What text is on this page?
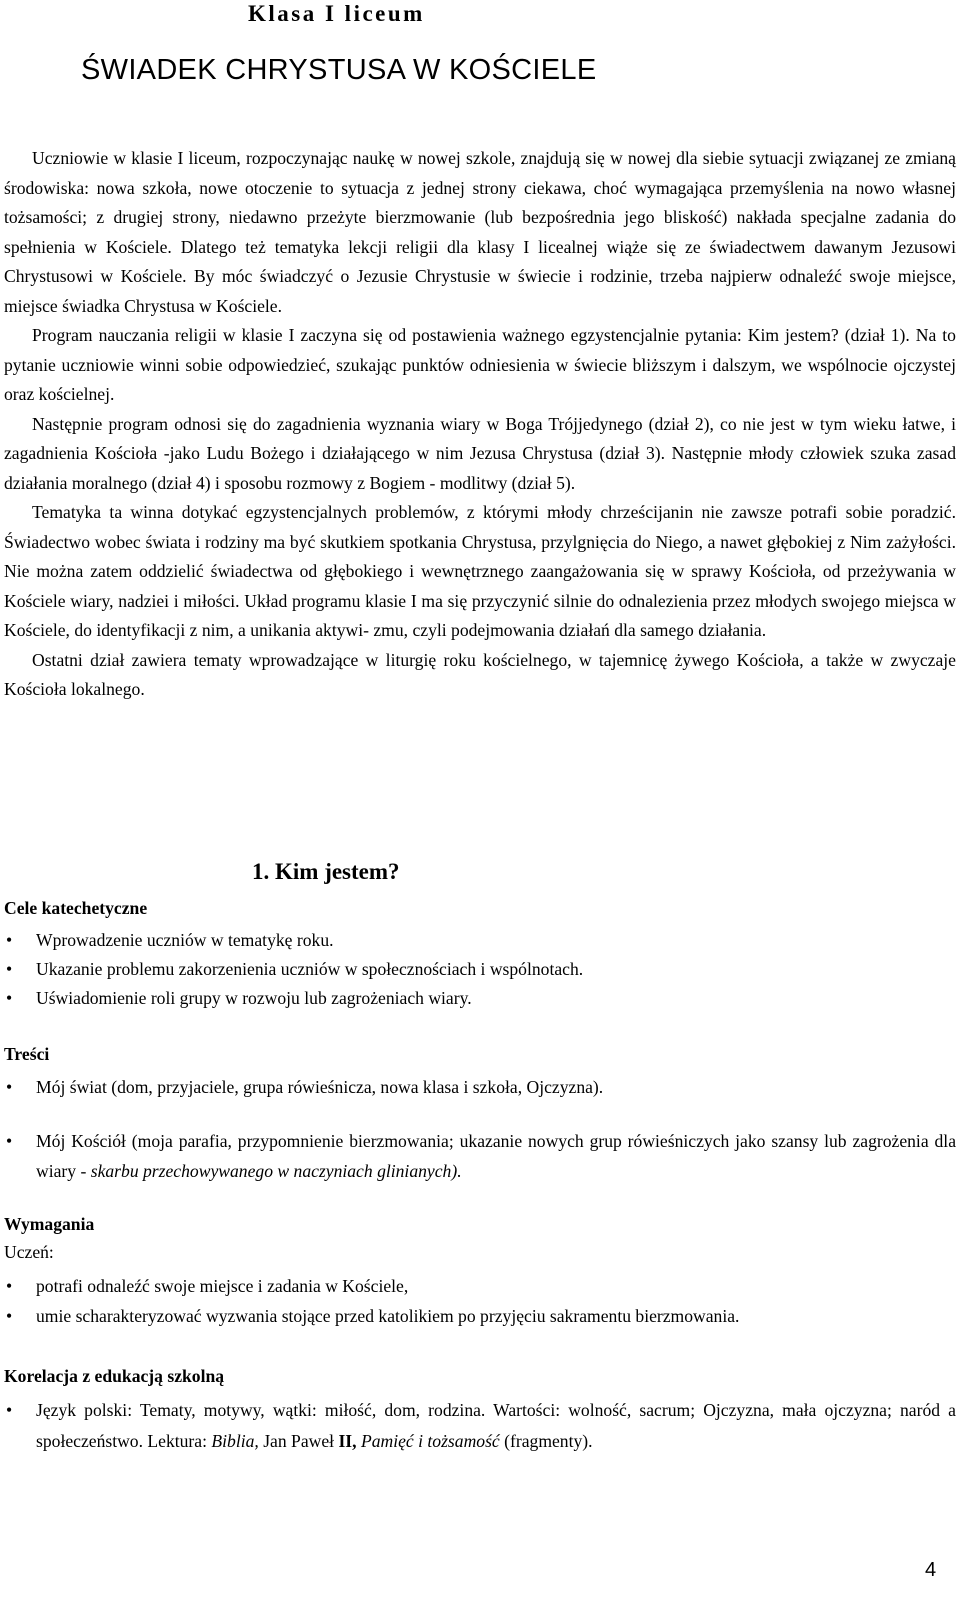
Klasa I liceum
ŚWIADEK CHRYSTUSA W KOŚCIELE

Uczniowie w klasie I liceum, rozpoczynając naukę w nowej szkole, znajdują się w nowej dla siebie sytuacji związanej ze zmianą środowiska: nowa szkoła, nowe otoczenie to sytuacja z jednej strony ciekawa, choć wymagająca przemyślenia na nowo własnej tożsamości; z drugiej strony, niedawno przeżyte bierzmowanie (lub bezpośrednia jego bliskość) nakłada specjalne zadania do spełnienia w Kościele. Dlatego też tematyka lekcji religii dla klasy I licealnej wiąże się ze świadectwem dawanym Jezusowi Chrystusowi w Kościele. By móc świadczyć o Jezusie Chrystusie w świecie i rodzinie, trzeba najpierw odnaleźć swoje miejsce, miejsce świadka Chrystusa w Kościele.

Program nauczania religii w klasie I zaczyna się od postawienia ważnego egzystencjalnie pytania: Kim jestem? (dział 1). Na to pytanie uczniowie winni sobie odpowiedzieć, szukając punktów odniesienia w świecie bliższym i dalszym, we wspólnocie ojczystej oraz kościelnej.

Następnie program odnosi się do zagadnienia wyznania wiary w Boga Trójjedynego (dział 2), co nie jest w tym wieku łatwe, i zagadnienia Kościoła -jako Ludu Bożego i działającego w nim Jezusa Chrystusa (dział 3). Następnie młody człowiek szuka zasad działania moralnego (dział 4) i sposobu rozmowy z Bogiem - modlitwy (dział 5).

Tematyka ta winna dotykać egzystencjalnych problemów, z którymi młody chrześcijanin nie zawsze potrafi sobie poradzić. Świadectwo wobec świata i rodziny ma być skutkiem spotkania Chrystusa, przylgnięcia do Niego, a nawet głębokiej z Nim zażyłości. Nie można zatem oddzielić świadectwa od głębokiego i wewnętrznego zaangażowania się w sprawy Kościoła, od przeżywania w Kościele wiary, nadziei i miłości. Układ programu klasie I ma się przyczynić silnie do odnalezienia przez młodych swojego miejsca w Kościele, do identyfikacji z nim, a unikania aktywi- zmu, czyli podejmowania działań dla samego działania.

Ostatni dział zawiera tematy wprowadzające w liturgię roku kościelnego, w tajemnicę żywego Kościoła, a także w zwyczaje Kościoła lokalnego.

1. Kim jestem?
Cele katechetyczne
• Wprowadzenie uczniów w tematykę roku.
• Ukazanie problemu zakorzenienia uczniów w społecznościach i wspólnotach.
• Uświadomienie roli grupy w rozwoju lub zagrożeniach wiary.
Treści
• Mój świat (dom, przyjaciele, grupa rówieśnicza, nowa klasa i szkoła, Ojczyzna).
• Mój Kościół (moja parafia, przypomnienie bierzmowania; ukazanie nowych grup rówieśniczych jako szansy lub zagrożenia dla wiary - skarbu przechowywanego w naczyniach glinianych).
Wymagania
Uczeń:
• potrafi odnaleźć swoje miejsce i zadania w Kościele,
• umie scharakteryzować wyzwania stojące przed katolikiem po przyjęciu sakramentu bierzmowania.
Korelacja z edukacją szkolną
• Język polski: Tematy, motywy, wątki: miłość, dom, rodzina. Wartości: wolność, sacrum; Ojczyzna, mała ojczyzna; naród a społeczeństwo. Lektura: Biblia, Jan Paweł II, Pamięć i tożsamość (fragmenty).
4
